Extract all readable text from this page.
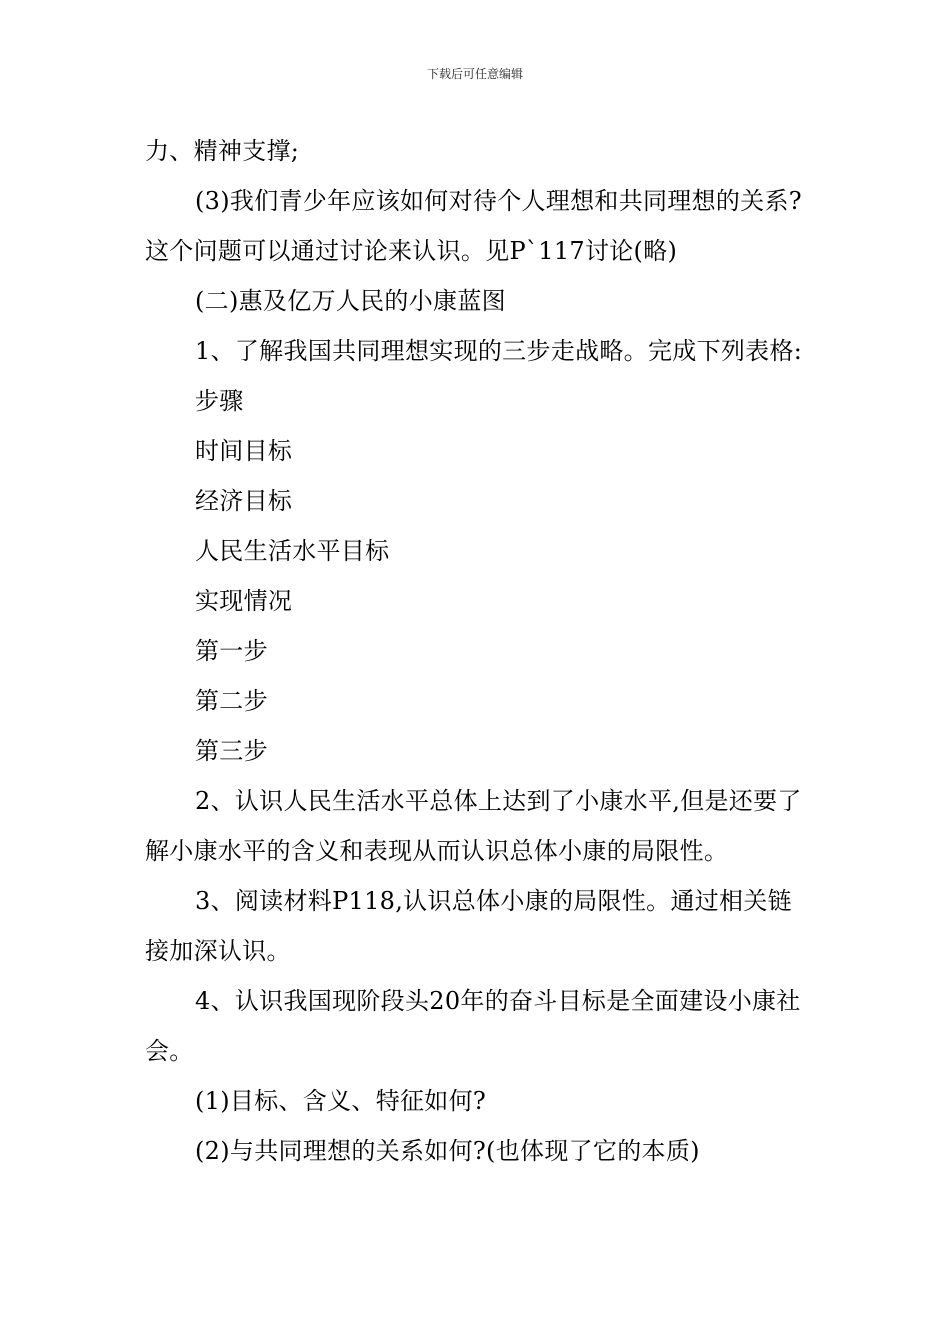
下载后可任意编辑

力、精神支撑;

(3)我们青少年应该如何对待个人理想和共同理想的关系?这个问题可以通过讨论来认识。见P`117讨论(略)

(二)惠及亿万人民的小康蓝图

1、了解我国共同理想实现的三步走战略。完成下列表格:

步骤
时间目标
经济目标
人民生活水平目标
实现情况
第一步
第二步
第三步

2、认识人民生活水平总体上达到了小康水平,但是还要了解小康水平的含义和表现从而认识总体小康的局限性。

3、阅读材料P118,认识总体小康的局限性。通过相关链接加深认识。

4、认识我国现阶段头20年的奋斗目标是全面建设小康社会。

(1)目标、含义、特征如何?

(2)与共同理想的关系如何?(也体现了它的本质)
